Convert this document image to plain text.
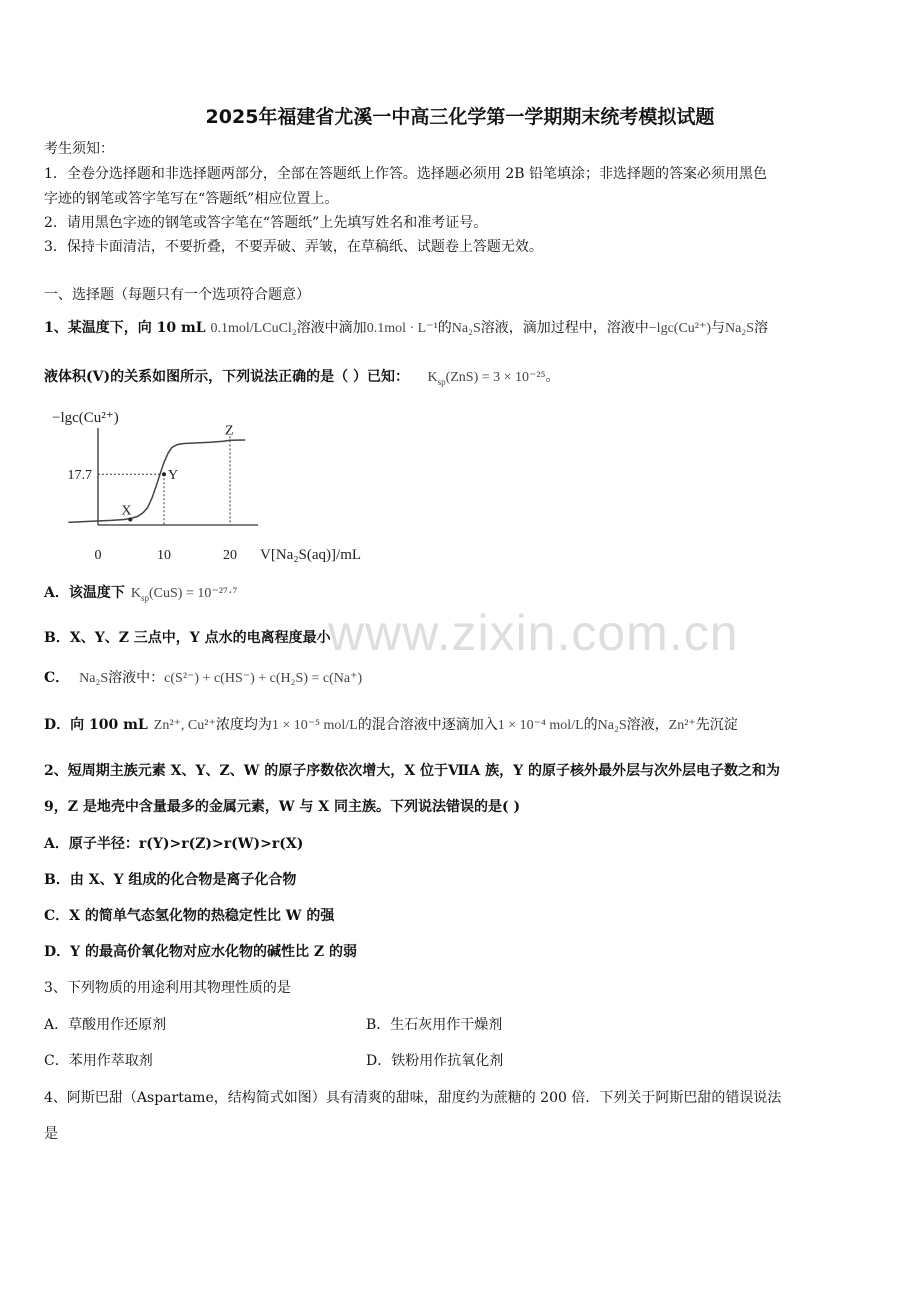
2025年福建省尤溪一中高三化学第一学期期末统考模拟试题
考生须知：
1．全卷分选择题和非选择题两部分，全部在答题纸上作答。选择题必须用 2B 铅笔填涂；非选择题的答案必须用黑色
字迹的钢笔或答字笔写在“答题纸”相应位置上。
2．请用黑色字迹的钢笔或答字笔在“答题纸”上先填写姓名和准考证号。
3．保持卡面清洁，不要折叠，不要弄破、弄皱，在草稿纸、试题卷上答题无效。
一、选择题（每题只有一个选项符合题意）
1、某温度下，向 10 mL 0.1mol/LCuCl₂溶液中滴加0.1mol · L⁻¹的Na₂S溶液，滴加过程中，溶液中−lgc(Cu²⁺)与Na₂S溶
液体积(V)的关系如图所示，下列说法正确的是（ ）已知： $K_{sp}(ZnS) = 3 \times 10^{-25}$。
−lgc(Cu²⁺)
V[Na₂S(aq)]/mL
0	10	20
17.7
X
Y
Z
A．该温度下 $K_{sp}(CuS) = 10^{-27}\cdot^7$
B．X、Y、Z 三点中，Y 点水的电离程度最小
C． Na₂S溶液中：c(S²⁻) + c(HS⁻) + c(H₂S) = c(Na⁺)
D．向 100 mL Zn²⁺, Cu²⁺浓度均为1 × 10⁻⁵ mol/L的混合溶液中逐滴加入1 × 10⁻⁴ mol/L的Na₂S溶液，Zn²⁺先沉淀
www.zixin.com.cn
2、短周期主族元素 X、Y、Z、W 的原子序数依次增大，X 位于ⅦA 族，Y 的原子核外最外层与次外层电子数之和为
9，Z 是地壳中含量最多的金属元素，W 与 X 同主族。下列说法错误的是( )
A．原子半径：r(Y)>r(Z)>r(W)>r(X)
B．由 X、Y 组成的化合物是离子化合物
C．X 的简单气态氢化物的热稳定性比 W 的强
D．Y 的最高价氧化物对应水化物的碱性比 Z 的弱
3、下列物质的用途利用其物理性质的是
A．草酸用作还原剂	B．生石灰用作干燥剂
C．苯用作萃取剂	D．铁粉用作抗氧化剂
4、阿斯巴甜（Aspartame，结构简式如图）具有清爽的甜味，甜度约为蔗糖的 200 倍．下列关于阿斯巴甜的错误说法
是
